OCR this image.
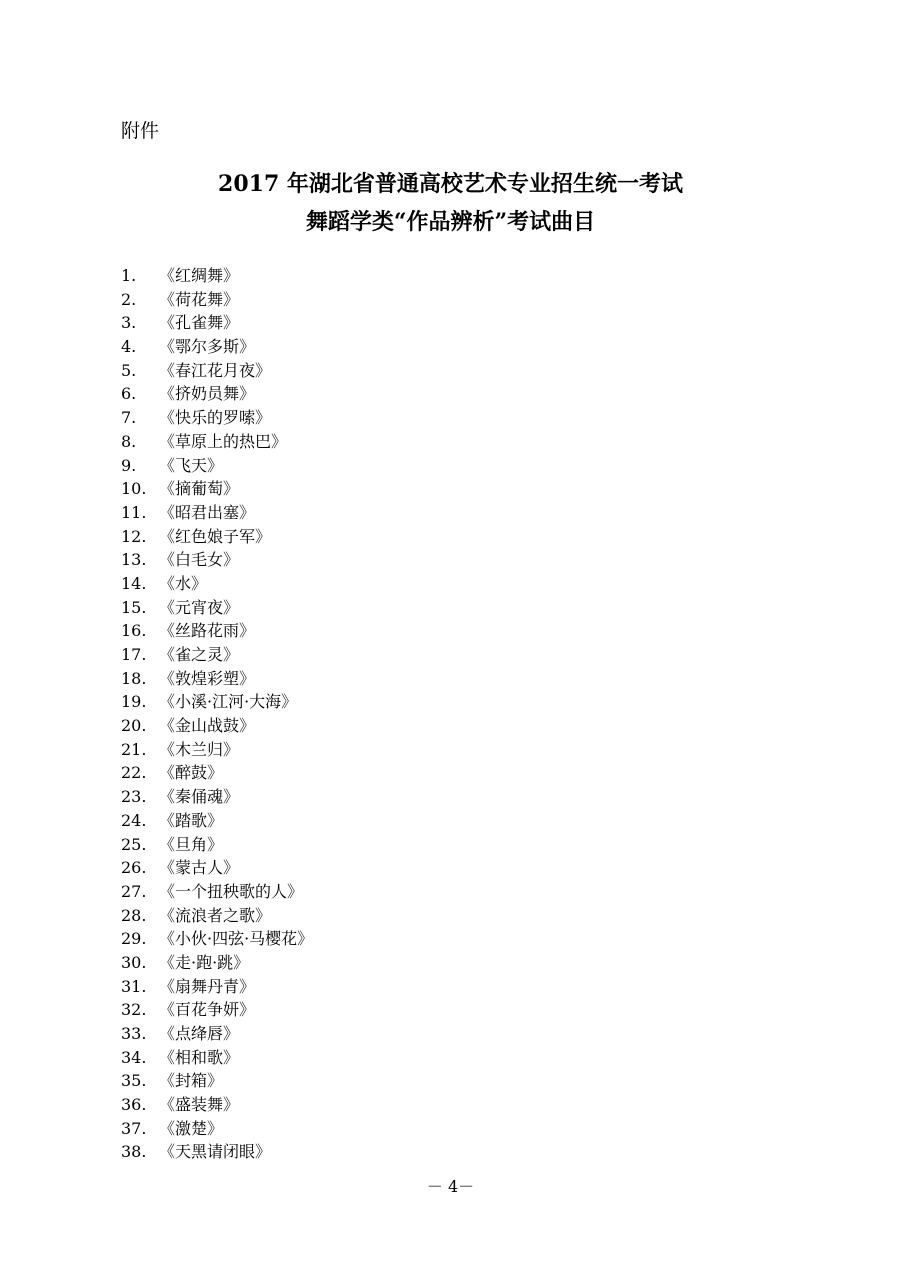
附件
2017 年湖北省普通高校艺术专业招生统一考试
舞蹈学类“作品辨析”考试曲目
1.	《红绸舞》
2.	《荷花舞》
3.	《孔雀舞》
4.	《鄂尔多斯》
5.	《春江花月夜》
6.	《挤奶员舞》
7.	《快乐的罗嗦》
8.	《草原上的热巴》
9.	《飞天》
10. 《摘葡萄》
11. 《昭君出塞》
12. 《红色娘子军》
13. 《白毛女》
14. 《水》
15. 《元宵夜》
16. 《丝路花雨》
17. 《雀之灵》
18. 《敦煌彩塑》
19. 《小溪·江河·大海》
20. 《金山战鼓》
21. 《木兰归》
22. 《醉鼓》
23. 《秦俑魂》
24. 《踏歌》
25. 《旦角》
26. 《蒙古人》
27. 《一个扭秧歌的人》
28. 《流浪者之歌》
29. 《小伙·四弦·马樱花》
30. 《走·跑·跳》
31. 《扇舞丹青》
32. 《百花争妍》
33. 《点绛唇》
34. 《相和歌》
35. 《封箱》
36. 《盛装舞》
37. 《激楚》
38. 《天黑请闭眼》
－ 4－
